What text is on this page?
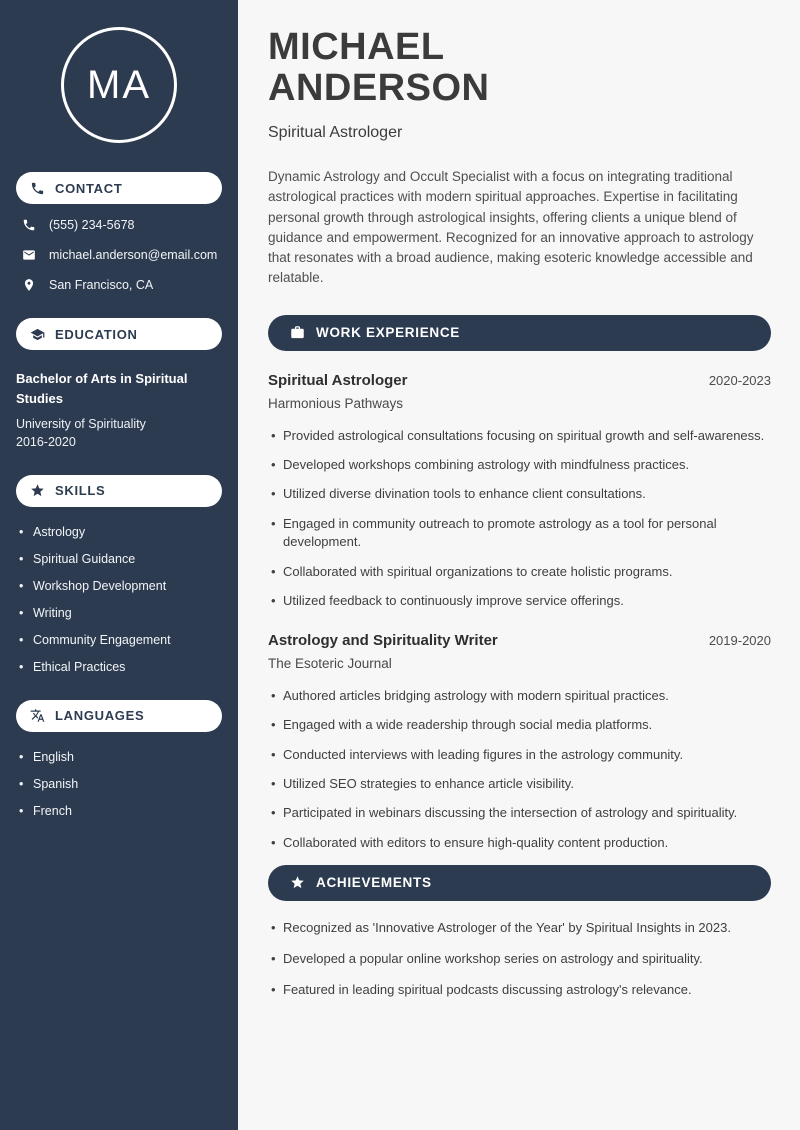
MA
CONTACT
(555) 234-5678
michael.anderson@email.com
San Francisco, CA
EDUCATION
Bachelor of Arts in Spiritual Studies
University of Spirituality
2016-2020
SKILLS
• Astrology
• Spiritual Guidance
• Workshop Development
• Writing
• Community Engagement
• Ethical Practices
LANGUAGES
• English
• Spanish
• French
MICHAEL
ANDERSON
Spiritual Astrologer

Dynamic Astrology and Occult Specialist with a focus on integrating traditional astrological practices with modern spiritual approaches. Expertise in facilitating personal growth through astrological insights, offering clients a unique blend of guidance and empowerment. Recognized for an innovative approach to astrology that resonates with a broad audience, making esoteric knowledge accessible and relatable.

WORK EXPERIENCE
Spiritual Astrologer	2020-2023
Harmonious Pathways
• Provided astrological consultations focusing on spiritual growth and self-awareness.
• Developed workshops combining astrology with mindfulness practices.
• Utilized diverse divination tools to enhance client consultations.
• Engaged in community outreach to promote astrology as a tool for personal development.
• Collaborated with spiritual organizations to create holistic programs.
• Utilized feedback to continuously improve service offerings.
Astrology and Spirituality Writer	2019-2020
The Esoteric Journal
• Authored articles bridging astrology with modern spiritual practices.
• Engaged with a wide readership through social media platforms.
• Conducted interviews with leading figures in the astrology community.
• Utilized SEO strategies to enhance article visibility.
• Participated in webinars discussing the intersection of astrology and spirituality.
• Collaborated with editors to ensure high-quality content production.
ACHIEVEMENTS
• Recognized as 'Innovative Astrologer of the Year' by Spiritual Insights in 2023.
• Developed a popular online workshop series on astrology and spirituality.
• Featured in leading spiritual podcasts discussing astrology's relevance.
